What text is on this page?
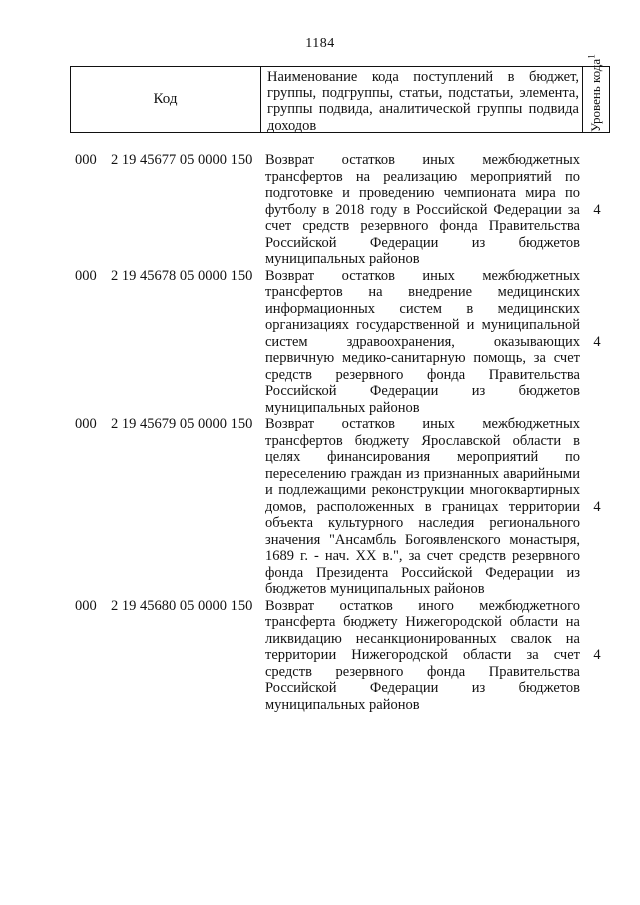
1184
Код
Наименование кода поступлений в бюджет, группы, подгруппы, статьи, подстатьи, элемента, группы подвида, аналитической группы подвида доходов	Уровень кода$^1$
000 2 19 45677 05 0000 150 Возврат остатков иных межбюджетных трансфертов на реализацию мероприятий по подготовке и проведению чемпионата мира по футболу в 2018 году в Российской Федерации за счет средств резервного фонда Правительства Российской Федерации из бюджетов муниципальных районов
4
000 2 19 45678 05 0000 150 Возврат остатков иных межбюджетных трансфертов на внедрение медицинских информационных систем в медицинских организациях государственной и муниципальной систем здравоохранения, оказывающих первичную медико-санитарную помощь, за счет средств резервного фонда Правительства Российской Федерации из бюджетов муниципальных районов
4
000 2 19 45679 05 0000 150 Возврат остатков иных межбюджетных трансфертов бюджету Ярославской области в целях финансирования мероприятий по переселению граждан из признанных аварийными и подлежащими реконструкции многоквартирных домов, расположенных в границах территории объекта культурного наследия регионального значения "Ансамбль Богоявленского монастыря, 1689 г. - нач. XX в.", за счет средств резервного фонда Президента Российской Федерации из бюджетов муниципальных районов
4
000 2 19 45680 05 0000 150 Возврат остатков иного межбюджетного трансферта бюджету Нижегородской области на ликвидацию несанкционированных свалок на территории Нижегородской области за счет средств резервного фонда Правительства Российской Федерации из бюджетов муниципальных районов
4
